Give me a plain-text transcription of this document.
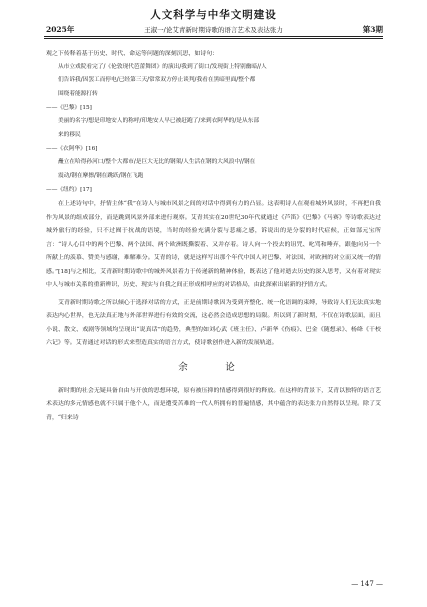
人文科学与中华文明建设
2025年	王淑一/论艾青新时期诗歌的语言艺术及表达张力	第3期

观之下传释着基于历史、时代、命运等问题的深刻沉思，如诗句：

从市立戏院看完了/《伦敦现代芭蕾舞团》的演出/我到了街口/发现街上特别幽暗//人
们告诉我/因罢工而停电/已经第三天/常常双方停止谈判/我看在黑暗里面/整个都
围绕着能源打转

——《巴黎》[15]

美丽的名字/想是印地安人的称呼/印地安人早已被赶跑了/来到衣阿华的/是从东部
来的移民

——《衣阿华》[16]

矗立在哈得孙河口/整个大都市/是巨大无比的钢架/人生活在钢的大风浪中//钢在
震动/钢在摩擦/钢在跳跃/钢在飞跑

——《纽约》[17]

在上述诗句中，抒情主体“我”在诗人与城市风景之间的对话中得到有力的凸显。这表明诗人在观看城外风景时，不再把自我作为风景的组成部分，而是跳到风景外部来进行观察。艾青其实在20世纪30年代就通过《芦笛》《巴黎》《马赛》等诗歌表达过城外旅行的经验，只不过囿于抗战的语境，当时的经验充满分裂与悲痛之感，诉说出的是分裂的时代症候，正如郜元宝所言：“诗人心目中的两个巴黎、两个法国、两个欧洲既撕裂着、又并存着。诗人向一个投去的诅咒、叱骂和唾弃，跟他向另一个所献上的羡慕、赞美与感谢，难解难分。艾青的诗，就是这样写出那个年代中国人对巴黎、对法国、对欧洲的对立而又统一的情感。”[18]与之相比，艾青新时期诗歌中的城外风景着力于传递新的精神体验，既表达了他对逝去历史的深入思考，又有着对现实中人与城市关系的重新辨识，历史、现实与自我之间正形成相呼应的对话格局，由此探索出崭新的抒情方式。

艾青新时期诗歌之所以倾心于选择对话的方式，正是前期诗歌因为受到齐整化、统一化语调的束缚，导致诗人们无法真实地表达内心世界，也无法真正地与外部世界进行有效的交流，这必然会造成思想的局限。所以到了新时期，不仅在诗歌层面，而且小说、散文、戏剧等领域均呈现出“说真话”的趋势，典型的如刘心武《班主任》、卢新华《伤痕》、巴金《随想录》、杨绛《干校六记》等。艾青通过对话的形式来塑造真实的语言方式，使诗歌创作进入新的发展轨道。

余　论

新时期的社会无疑具备自由与开放的思想环境，原有被压抑的情感得到很好的释放。在这样的背景下，艾青以独特的语言艺术表达的多元情感也就不只属于他个人，而是遭受苦难的一代人所拥有的普遍情感，其中蕴含的表达张力自然得以呈现。除了艾青，“归来诗

— 147 —
